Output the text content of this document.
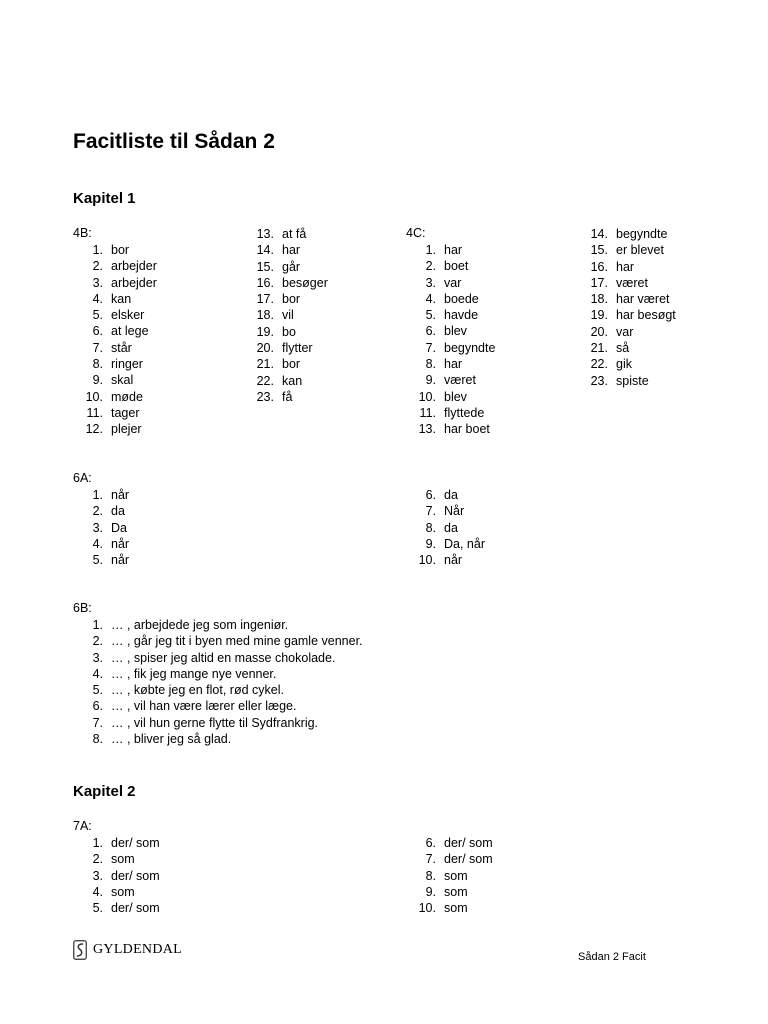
Facitliste til Sådan 2
Kapitel 1
4B:
1. bor
2. arbejder
3. arbejder
4. kan
5. elsker
6. at lege
7. står
8. ringer
9. skal
10. møde
11. tager
12. plejer
13. at få
14. har
15. går
16. besøger
17. bor
18. vil
19. bo
20. flytter
21. bor
22. kan
23. få
4C:
1. har
2. boet
3. var
4. boede
5. havde
6. blev
7. begyndte
8. har
9. været
10. blev
11. flyttede
13. har boet
14. begyndte
15. er blevet
16. har
17. været
18. har været
19. har besøgt
20. var
21. så
22. gik
23. spiste
6A:
1. når
2. da
3. Da
4. når
5. når
6. da
7. Når
8. da
9. Da, når
10. når
6B:
1. … , arbejdede jeg som ingeniør.
2. … , går jeg tit i byen med mine gamle venner.
3. … , spiser jeg altid en masse chokolade.
4. … , fik jeg mange nye venner.
5. … , købte jeg en flot, rød cykel.
6. … , vil han være lærer eller læge.
7. … , vil hun gerne flytte til Sydfrankrig.
8. … , bliver jeg så glad.
Kapitel 2
7A:
1. der/ som
2. som
3. der/ som
4. som
5. der/ som
6. der/ som
7. der/ som
8. som
9. som
10. som
GYLDENDAL	Sådan 2 Facit
